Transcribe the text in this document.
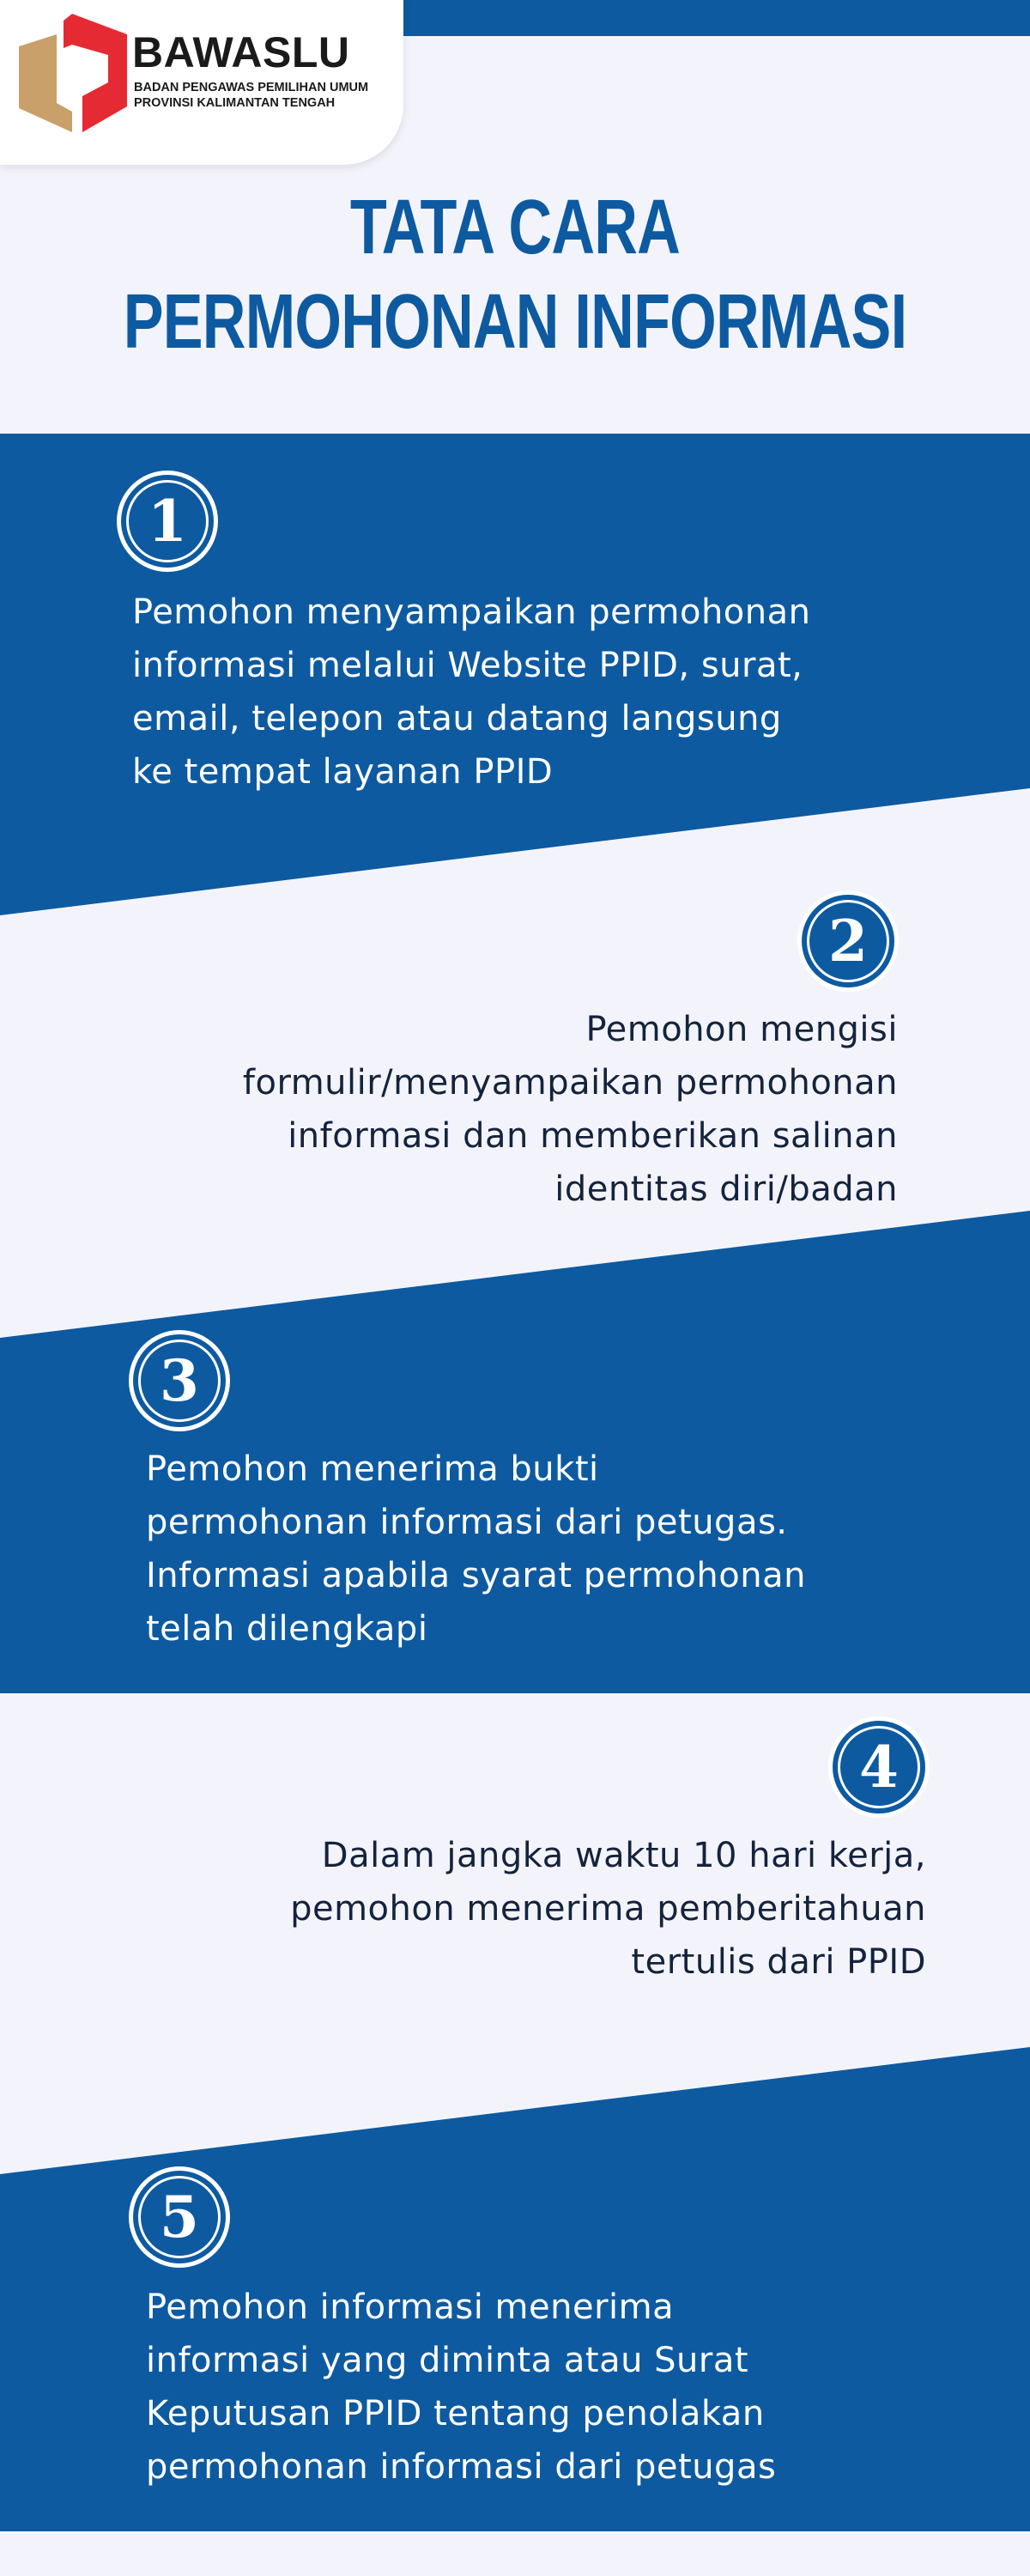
BAWASLU
BADAN PENGAWAS PEMILIHAN UMUM
PROVINSI KALIMANTAN TENGAH
TATA CARA
PERMOHONAN INFORMASI
1
Pemohon menyampaikan permohonan
informasi melalui Website PPID, surat,
email, telepon atau datang langsung
ke tempat layanan PPID
2
Pemohon mengisi
formulir/menyampaikan permohonan
informasi dan memberikan salinan
identitas diri/badan
3
Pemohon menerima bukti
permohonan informasi dari petugas.
Informasi apabila syarat permohonan
telah dilengkapi
4
Dalam jangka waktu 10 hari kerja,
pemohon menerima pemberitahuan
tertulis dari PPID
5
Pemohon informasi menerima
informasi yang diminta atau Surat
Keputusan PPID tentang penolakan
permohonan informasi dari petugas
